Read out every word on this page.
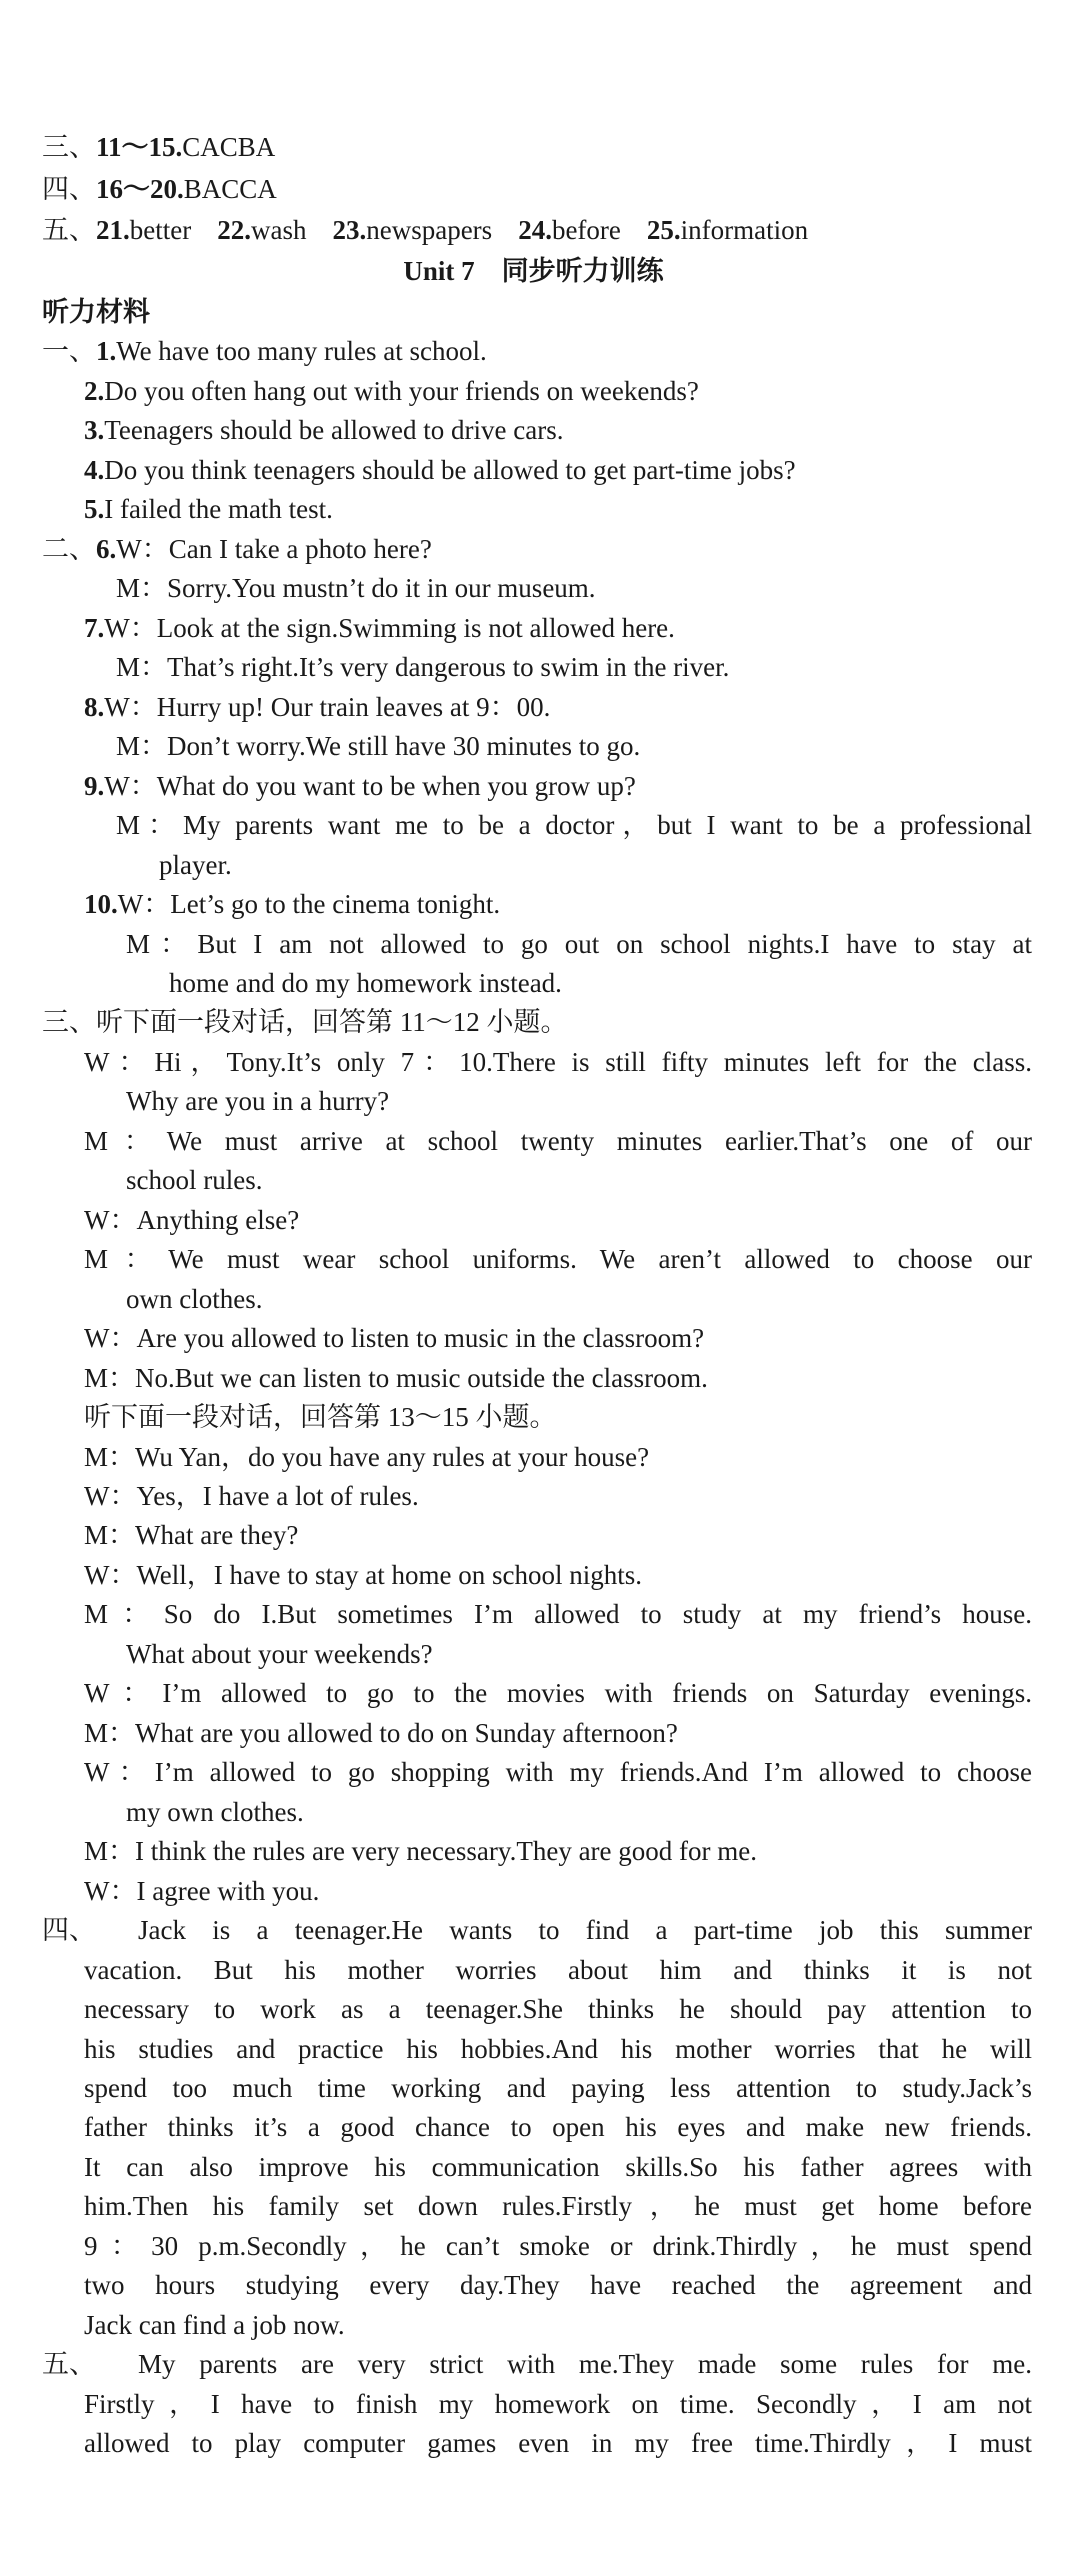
三、11～15.CACBA
四、16～20.BACCA
五、21.better 22.wash 23.newspapers 24.before 25.information
Unit 7　同步听力训练
听力材料
一、1.We have too many rules at school.
2.Do you often hang out with your friends on weekends?
3.Teenagers should be allowed to drive cars.
4.Do you think teenagers should be allowed to get part-time jobs?
5.I failed the math test.
二、6.W：Can I take a photo here?
M：Sorry.You mustn’t do it in our museum.
7.W：Look at the sign.Swimming is not allowed here.
M：That’s right.It’s very dangerous to swim in the river.
8.W：Hurry up! Our train leaves at 9：00.
M：Don’t worry.We still have 30 minutes to go.
9.W：What do you want to be when you grow up?
M：My parents want me to be a doctor，but I want to be a professional
player.
10.W：Let’s go to the cinema tonight.
M：But I am not allowed to go out on school nights.I have to stay at
home and do my homework instead.
三、听下面一段对话，回答第 11～12 小题。
W：Hi，Tony.It’s only 7：10.There is still fifty minutes left for the class.
Why are you in a hurry?
M：We must arrive at school twenty minutes earlier.That’s one of our
school rules.
W：Anything else?
M：We must wear school uniforms. We aren’t allowed to choose our
own clothes.
W：Are you allowed to listen to music in the classroom?
M：No.But we can listen to music outside the classroom.
听下面一段对话，回答第 13～15 小题。
M：Wu Yan，do you have any rules at your house?
W：Yes，I have a lot of rules.
M：What are they?
W：Well，I have to stay at home on school nights.
M：So do I.But sometimes I’m allowed to study at my friend’s house.
What about your weekends?
W：I’m allowed to go to the movies with friends on Saturday evenings.
M：What are you allowed to do on Sunday afternoon?
W：I’m allowed to go shopping with my friends.And I’m allowed to choose
my own clothes.
M：I think the rules are very necessary.They are good for me.
W：I agree with you.
四、 Jack is a teenager.He wants to find a part-time job this summer
vacation. But his mother worries about him and thinks it is not
necessary to work as a teenager.She thinks he should pay attention to
his studies and practice his hobbies.And his mother worries that he will
spend too much time working and paying less attention to study.Jack’s
father thinks it’s a good chance to open his eyes and make new friends.
It can also improve his communication skills.So his father agrees with
him.Then his family set down rules.Firstly，he must get home before
9：30 p.m.Secondly，he can’t smoke or drink.Thirdly，he must spend
two hours studying every day.They have reached the agreement and
Jack can find a job now.
五、 My parents are very strict with me.They made some rules for me.
Firstly，I have to finish my homework on time. Secondly，I am not
allowed to play computer games even in my free time.Thirdly，I must
